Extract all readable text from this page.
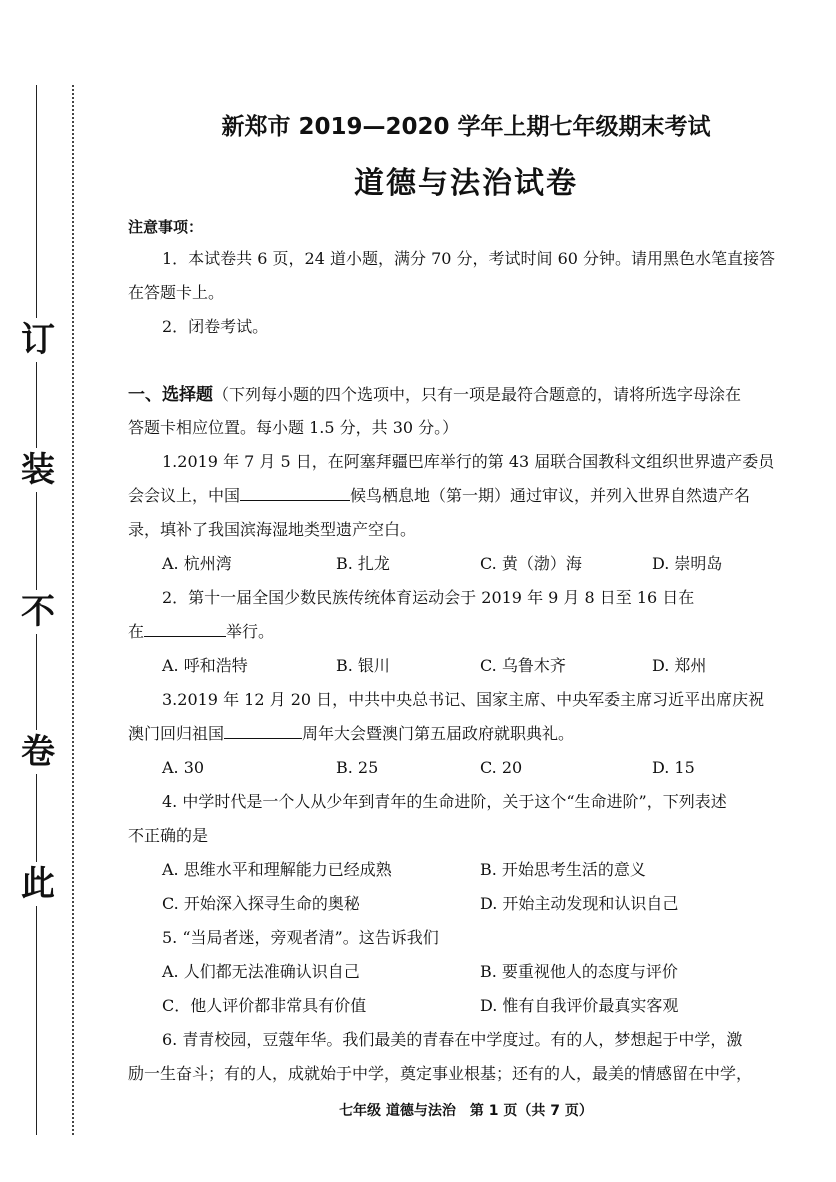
订
装
不
卷
此
新郑市 2019—2020 学年上期七年级期末考试
道德与法治试卷
注意事项：
1．本试卷共 6 页，24 道小题，满分 70 分，考试时间 60 分钟。请用黑色水笔直接答
在答题卡上。
2．闭卷考试。
一、选择题（下列每小题的四个选项中，只有一项是最符合题意的，请将所选字母涂在
答题卡相应位置。每小题 1.5 分，共 30 分。）
1.2019 年 7 月 5 日，在阿塞拜疆巴库举行的第 43 届联合国教科文组织世界遗产委员
会会议上，中国	候鸟栖息地（第一期）通过审议，并列入世界自然遗产名
录，填补了我国滨海湿地类型遗产空白。
A. 杭州湾	B. 扎龙	C. 黄（渤）海	D. 崇明岛
2．第十一届全国少数民族传统体育运动会于 2019 年 9 月 8 日至 16 日在
在	举行。
A. 呼和浩特	B. 银川	C. 乌鲁木齐	D. 郑州
3.2019 年 12 月 20 日，中共中央总书记、国家主席、中央军委主席习近平出席庆祝
澳门回归祖国	周年大会暨澳门第五届政府就职典礼。
A. 30	B. 25	C. 20	D. 15
4. 中学时代是一个人从少年到青年的生命进阶，关于这个“生命进阶”，下列表述
不正确的是
A. 思维水平和理解能力已经成熟	B. 开始思考生活的意义
C. 开始深入探寻生命的奥秘	D. 开始主动发现和认识自己
5. “当局者迷，旁观者清”。这告诉我们
A. 人们都无法准确认识自己	B. 要重视他人的态度与评价
C．他人评价都非常具有价值	D. 惟有自我评价最真实客观
6. 青青校园，豆蔻年华。我们最美的青春在中学度过。有的人，梦想起于中学，激
励一生奋斗；有的人，成就始于中学，奠定事业根基；还有的人，最美的情感留在中学，
七年级 道德与法治　第 1 页（共 7 页）
